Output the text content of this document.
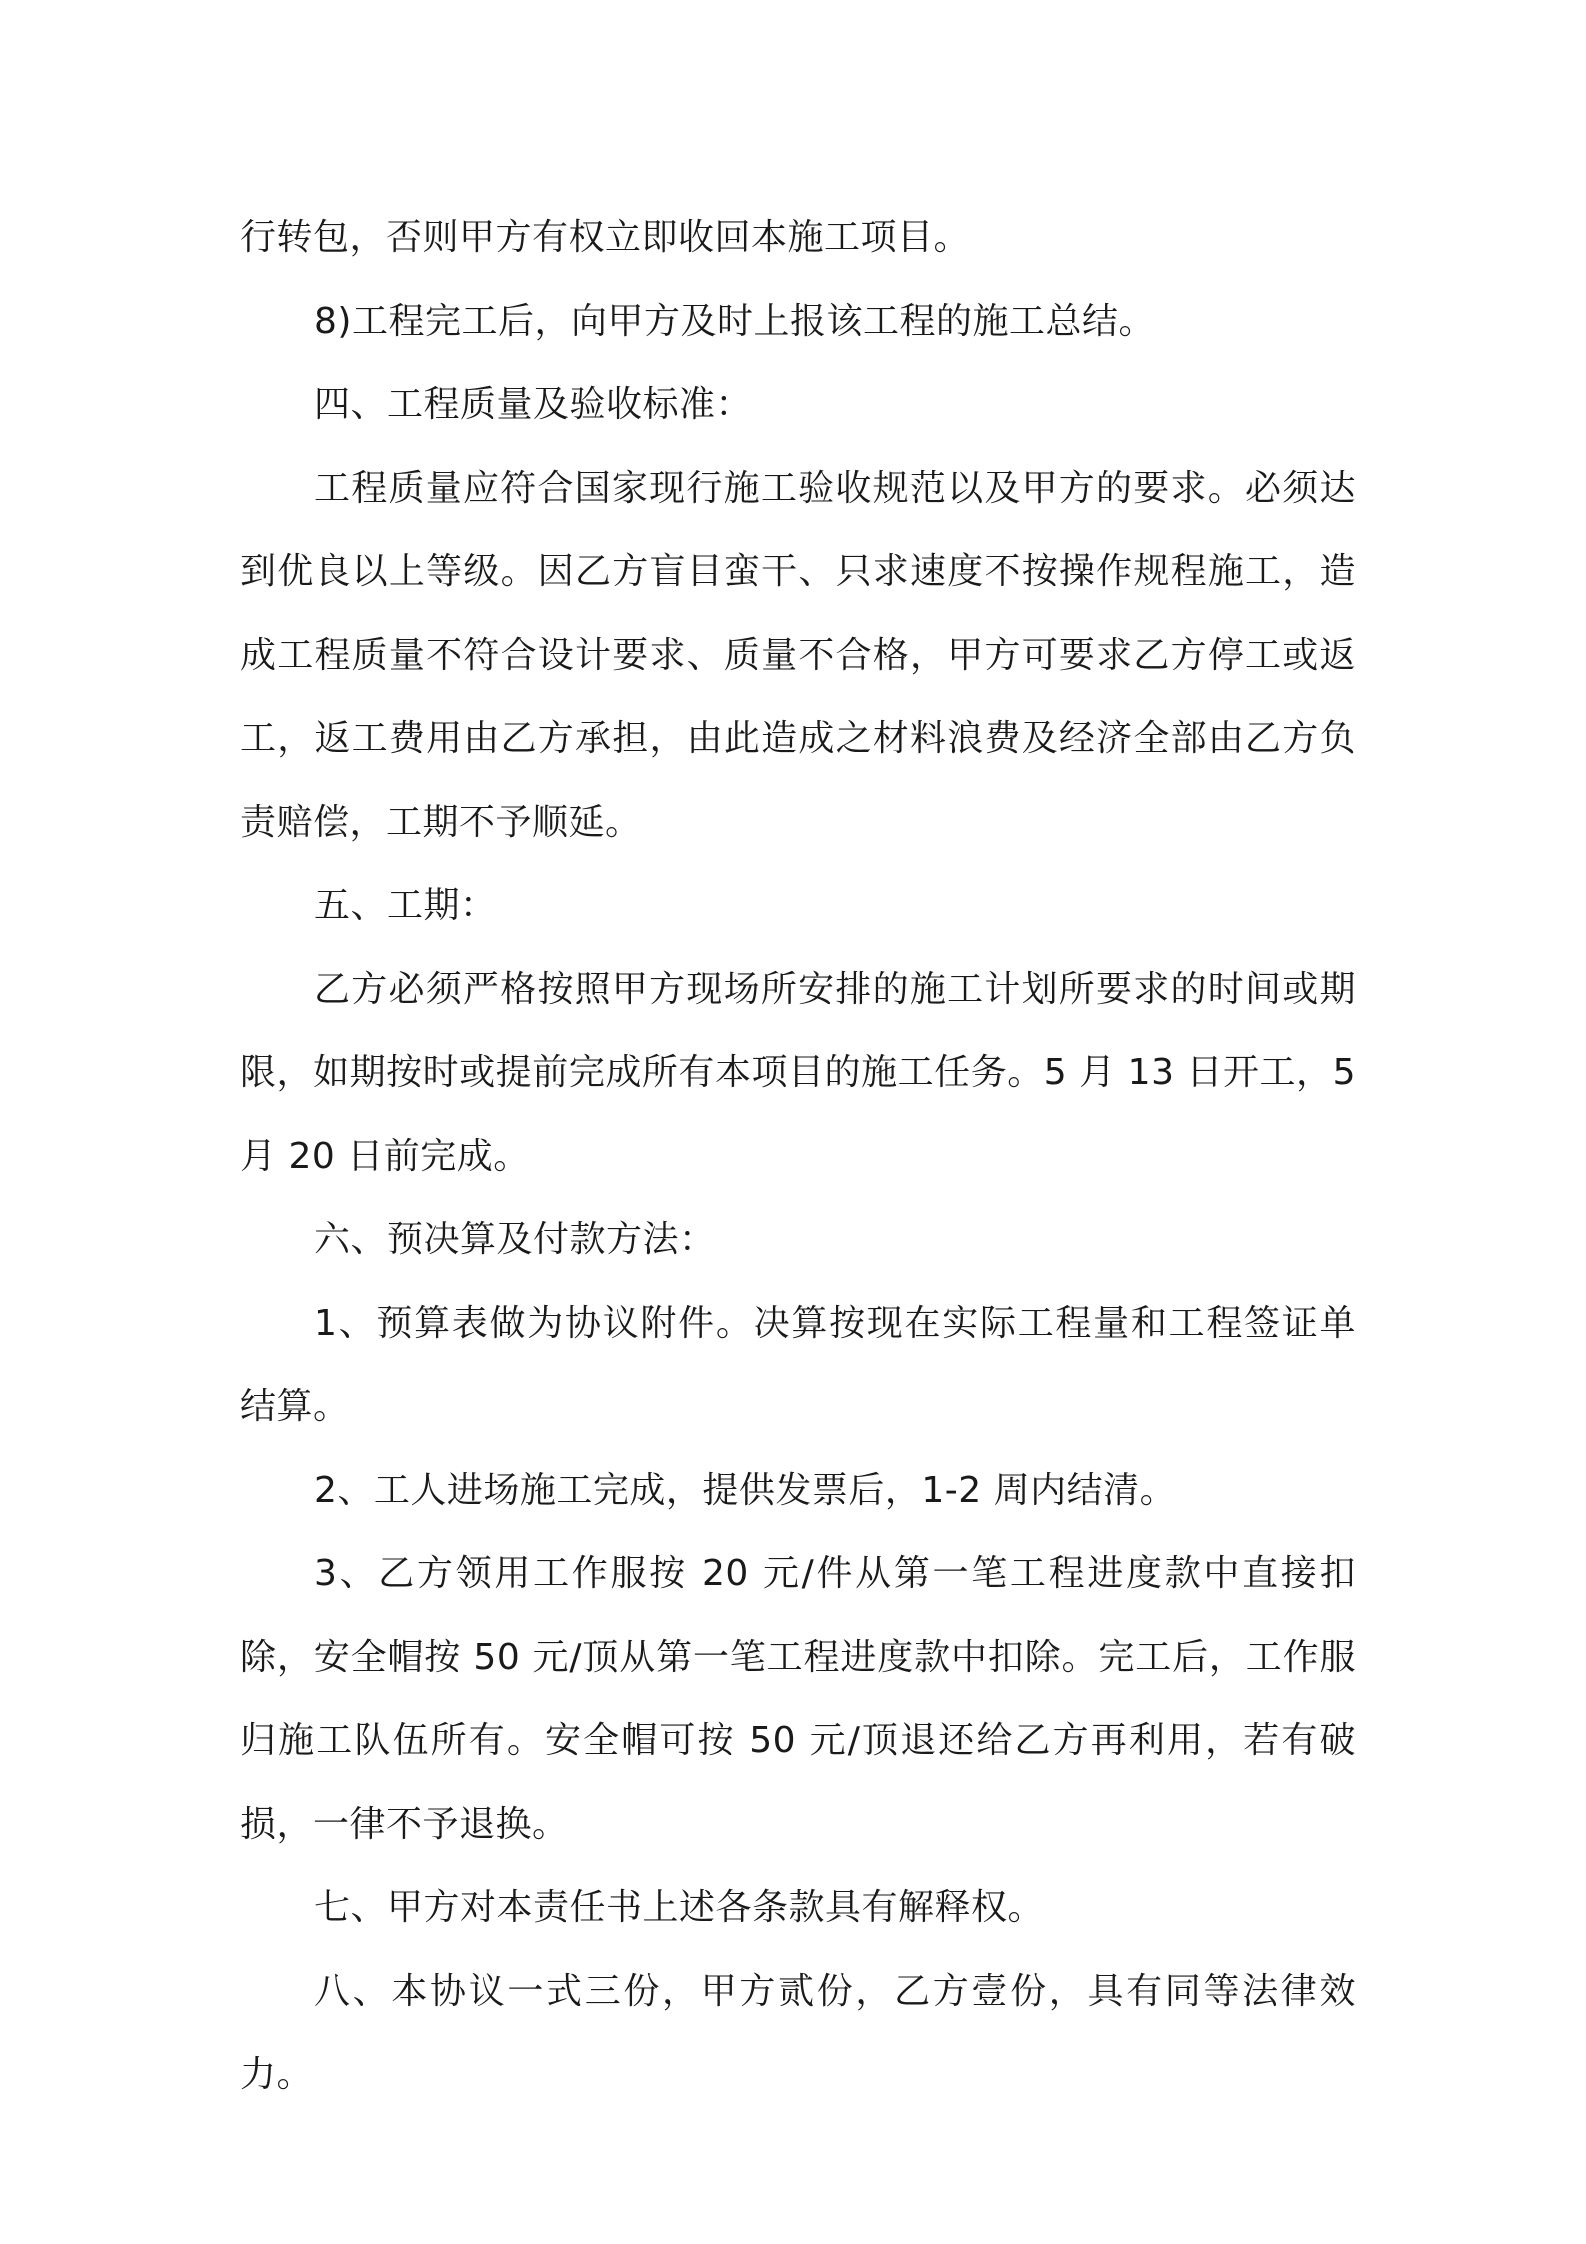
行转包，否则甲方有权立即收回本施工项目。

8)工程完工后，向甲方及时上报该工程的施工总结。

四、工程质量及验收标准：

工程质量应符合国家现行施工验收规范以及甲方的要求。必须达到优良以上等级。因乙方盲目蛮干、只求速度不按操作规程施工，造成工程质量不符合设计要求、质量不合格，甲方可要求乙方停工或返工，返工费用由乙方承担，由此造成之材料浪费及经济全部由乙方负责赔偿，工期不予顺延。

五、工期：

乙方必须严格按照甲方现场所安排的施工计划所要求的时间或期限，如期按时或提前完成所有本项目的施工任务。5 月 13 日开工，5 月 20 日前完成。

六、预决算及付款方法：

1、预算表做为协议附件。决算按现在实际工程量和工程签证单结算。

2、工人进场施工完成，提供发票后，1-2 周内结清。

3、乙方领用工作服按 20 元/件从第一笔工程进度款中直接扣除，安全帽按 50 元/顶从第一笔工程进度款中扣除。完工后，工作服归施工队伍所有。安全帽可按 50 元/顶退还给乙方再利用，若有破损，一律不予退换。

七、甲方对本责任书上述各条款具有解释权。

八、本协议一式三份，甲方贰份，乙方壹份，具有同等法律效力。
